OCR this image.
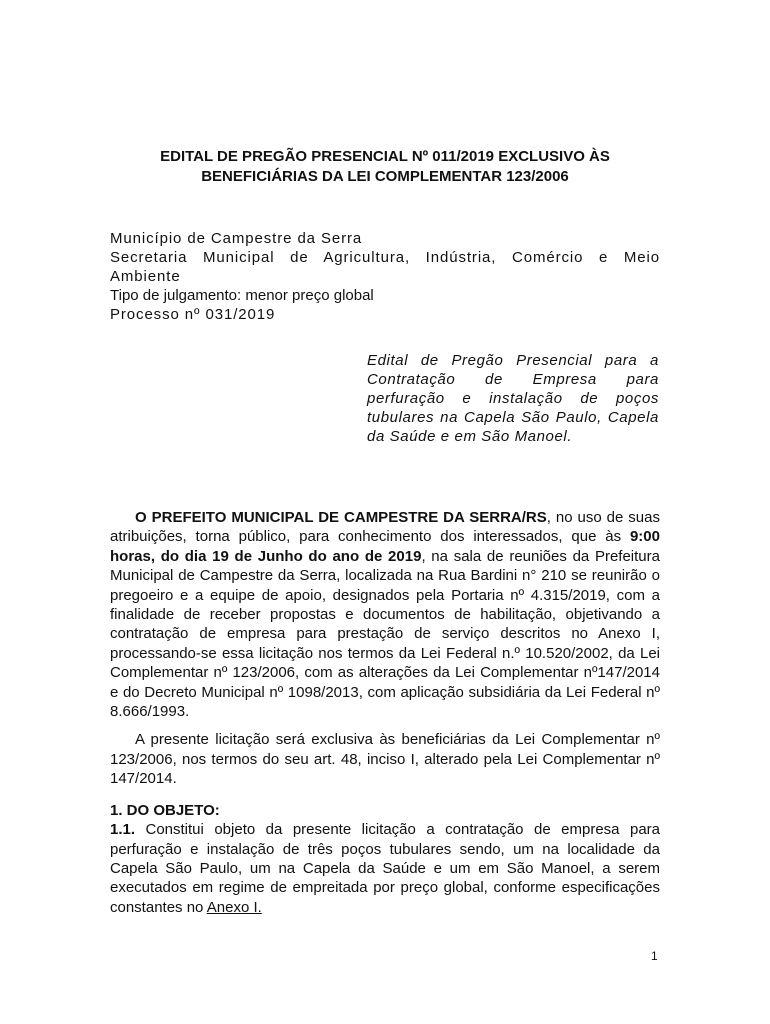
EDITAL DE PREGÃO PRESENCIAL Nº 011/2019 EXCLUSIVO ÀS
BENEFICIÁRIAS DA LEI COMPLEMENTAR 123/2006
Município de Campestre da Serra
Secretaria Municipal de Agricultura, Indústria, Comércio e Meio
Ambiente
Tipo de julgamento: menor preço global
Processo nº 031/2019
Edital de Pregão Presencial para a Contratação de Empresa para perfuração e instalação de poços tubulares na Capela São Paulo, Capela da Saúde e em São Manoel.

O PREFEITO MUNICIPAL DE CAMPESTRE DA SERRA/RS, no uso de suas atribuições, torna público, para conhecimento dos interessados, que às 9:00 horas, do dia 19 de Junho do ano de 2019, na sala de reuniões da Prefeitura Municipal de Campestre da Serra, localizada na Rua Bardini n° 210 se reunirão o pregoeiro e a equipe de apoio, designados pela Portaria nº 4.315/2019, com a finalidade de receber propostas e documentos de habilitação, objetivando a contratação de empresa para prestação de serviço descritos no Anexo I, processando-se essa licitação nos termos da Lei Federal n.º 10.520/2002, da Lei Complementar nº 123/2006, com as alterações da Lei Complementar nº147/2014 e do Decreto Municipal nº 1098/2013, com aplicação subsidiária da Lei Federal nº 8.666/1993.

A presente licitação será exclusiva às beneficiárias da Lei Complementar nº 123/2006, nos termos do seu art. 48, inciso I, alterado pela Lei Complementar nº 147/2014.

1. DO OBJETO:

1.1. Constitui objeto da presente licitação a contratação de empresa para perfuração e instalação de três poços tubulares sendo, um na localidade da Capela São Paulo, um na Capela da Saúde e um em São Manoel, a serem executados em regime de empreitada por preço global, conforme especificações constantes no Anexo I.

1
